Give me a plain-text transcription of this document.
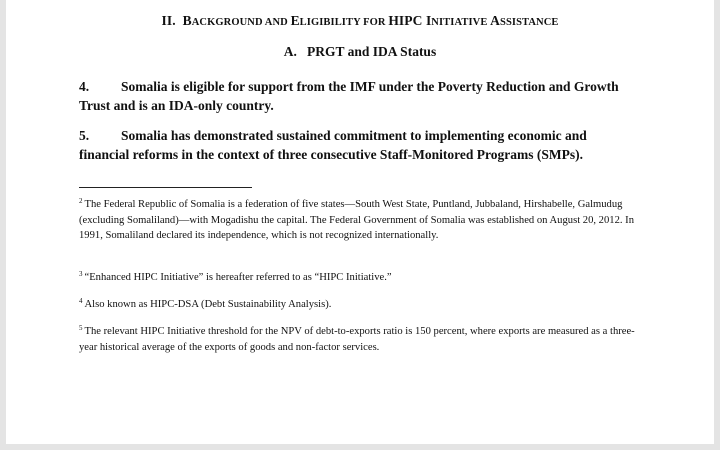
II. BACKGROUND AND ELIGIBILITY FOR HIPC INITIATIVE ASSISTANCE
A.   PRGT and IDA Status
4. Somalia is eligible for support from the IMF under the Poverty Reduction and Growth Trust and is an IDA-only country.
5. Somalia has demonstrated sustained commitment to implementing economic and financial reforms in the context of three consecutive Staff-Monitored Programs (SMPs).
$^2$ The Federal Republic of Somalia is a federation of five states—South West State, Puntland, Jubbaland, Hirshabelle, Galmudug (excluding Somaliland)—with Mogadishu the capital. The Federal Government of Somalia was established on August 20, 2012. In 1991, Somaliland declared its independence, which is not recognized internationally.
$^3$ “Enhanced HIPC Initiative” is hereafter referred to as “HIPC Initiative.”
$^4$ Also known as HIPC-DSA (Debt Sustainability Analysis).
$^5$ The relevant HIPC Initiative threshold for the NPV of debt-to-exports ratio is 150 percent, where exports are measured as a three-year historical average of the exports of goods and non-factor services.
